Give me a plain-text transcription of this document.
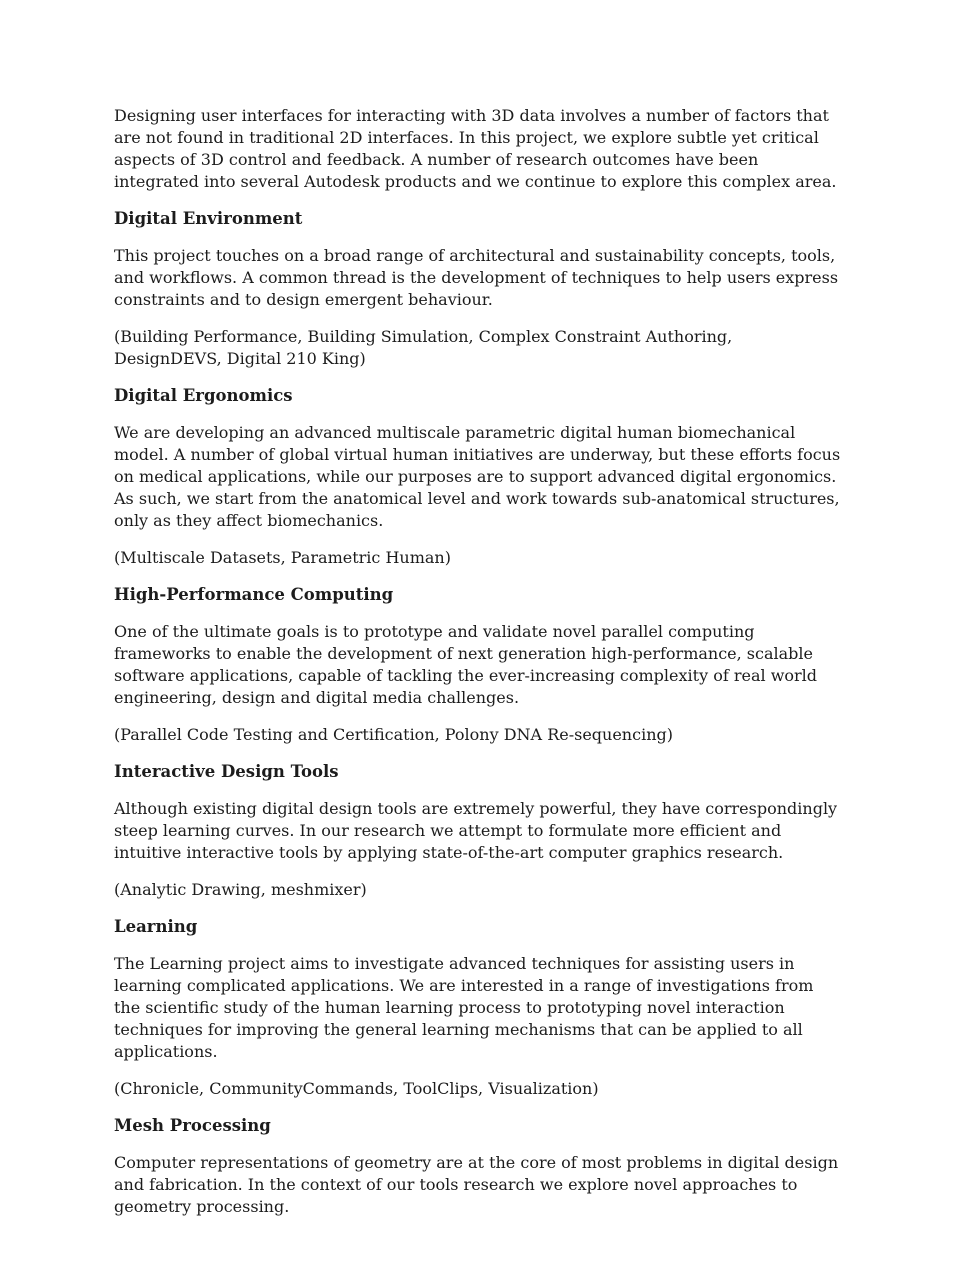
Designing user interfaces for interacting with 3D data involves a number of factors that are not found in traditional 2D interfaces. In this project, we explore subtle yet critical aspects of 3D control and feedback. A number of research outcomes have been integrated into several Autodesk products and we continue to explore this complex area.

Digital Environment

This project touches on a broad range of architectural and sustainability concepts, tools, and workflows. A common thread is the development of techniques to help users express constraints and to design emergent behaviour.

(Building Performance, Building Simulation, Complex Constraint Authoring, DesignDEVS, Digital 210 King)

Digital Ergonomics

We are developing an advanced multiscale parametric digital human biomechanical model. A number of global virtual human initiatives are underway, but these efforts focus on medical applications, while our purposes are to support advanced digital ergonomics. As such, we start from the anatomical level and work towards sub-anatomical structures, only as they affect biomechanics.

(Multiscale Datasets, Parametric Human)

High-Performance Computing

One of the ultimate goals is to prototype and validate novel parallel computing frameworks to enable the development of next generation high-performance, scalable software applications, capable of tackling the ever-increasing complexity of real world engineering, design and digital media challenges.

(Parallel Code Testing and Certification, Polony DNA Re-sequencing)

Interactive Design Tools

Although existing digital design tools are extremely powerful, they have correspondingly steep learning curves. In our research we attempt to formulate more efficient and intuitive interactive tools by applying state-of-the-art computer graphics research.

(Analytic Drawing, meshmixer)

Learning

The Learning project aims to investigate advanced techniques for assisting users in learning complicated applications. We are interested in a range of investigations from the scientific study of the human learning process to prototyping novel interaction techniques for improving the general learning mechanisms that can be applied to all applications.

(Chronicle, CommunityCommands, ToolClips, Visualization)

Mesh Processing

Computer representations of geometry are at the core of most problems in digital design and fabrication. In the context of our tools research we explore novel approaches to geometry processing.
